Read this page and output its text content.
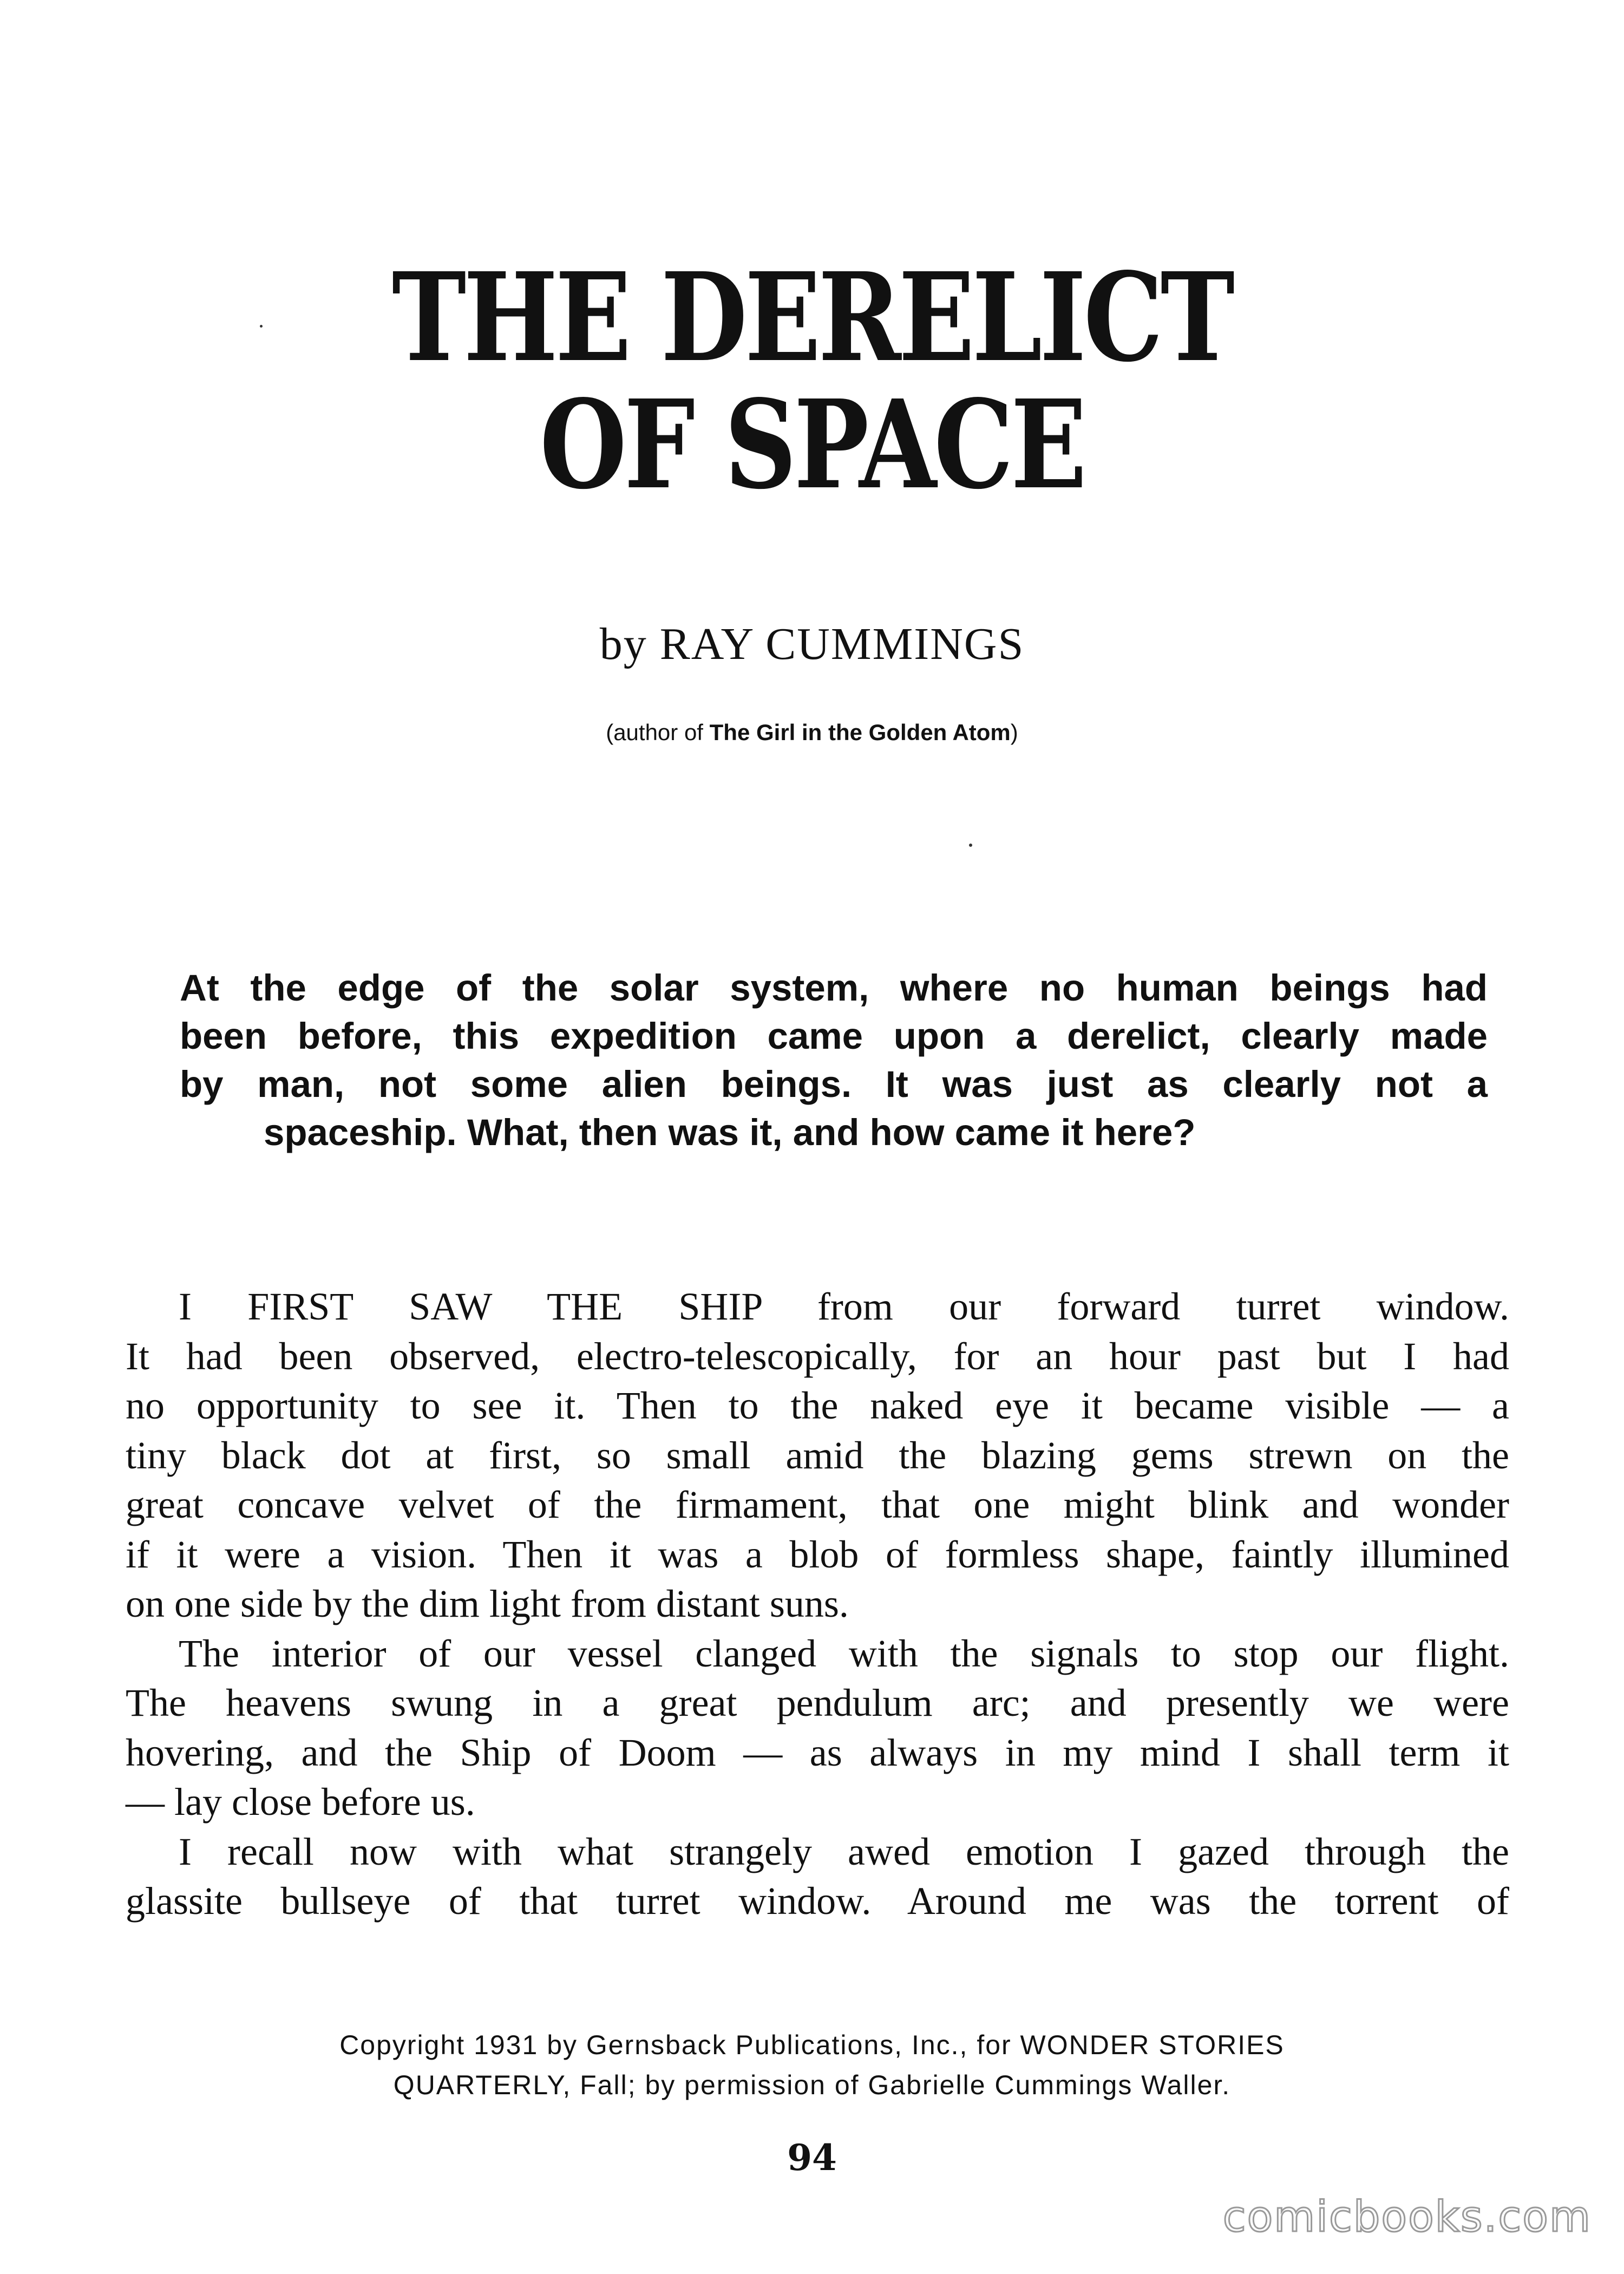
THE DERELICT
OF SPACE
by RAY CUMMINGS
(author of The Girl in the Golden Atom)
At the edge of the solar system, where no human beings had
been before, this expedition came upon a derelict, clearly made
by man, not some alien beings. It was just as clearly not a
spaceship. What, then was it, and how came it here?
I FIRST SAW THE SHIP from our forward turret window.
It had been observed, electro-telescopically, for an hour past but I had
no opportunity to see it. Then to the naked eye it became visible — a
tiny black dot at first, so small amid the blazing gems strewn on the
great concave velvet of the firmament, that one might blink and wonder
if it were a vision. Then it was a blob of formless shape, faintly illumined
on one side by the dim light from distant suns.
The interior of our vessel clanged with the signals to stop our flight.
The heavens swung in a great pendulum arc; and presently we were
hovering, and the Ship of Doom — as always in my mind I shall term it
— lay close before us.
I recall now with what strangely awed emotion I gazed through the
glassite bullseye of that turret window. Around me was the torrent of
Copyright 1931 by Gernsback Publications, Inc., for WONDER STORIES
QUARTERLY, Fall; by permission of Gabrielle Cummings Waller.
94
comicbooks.com
